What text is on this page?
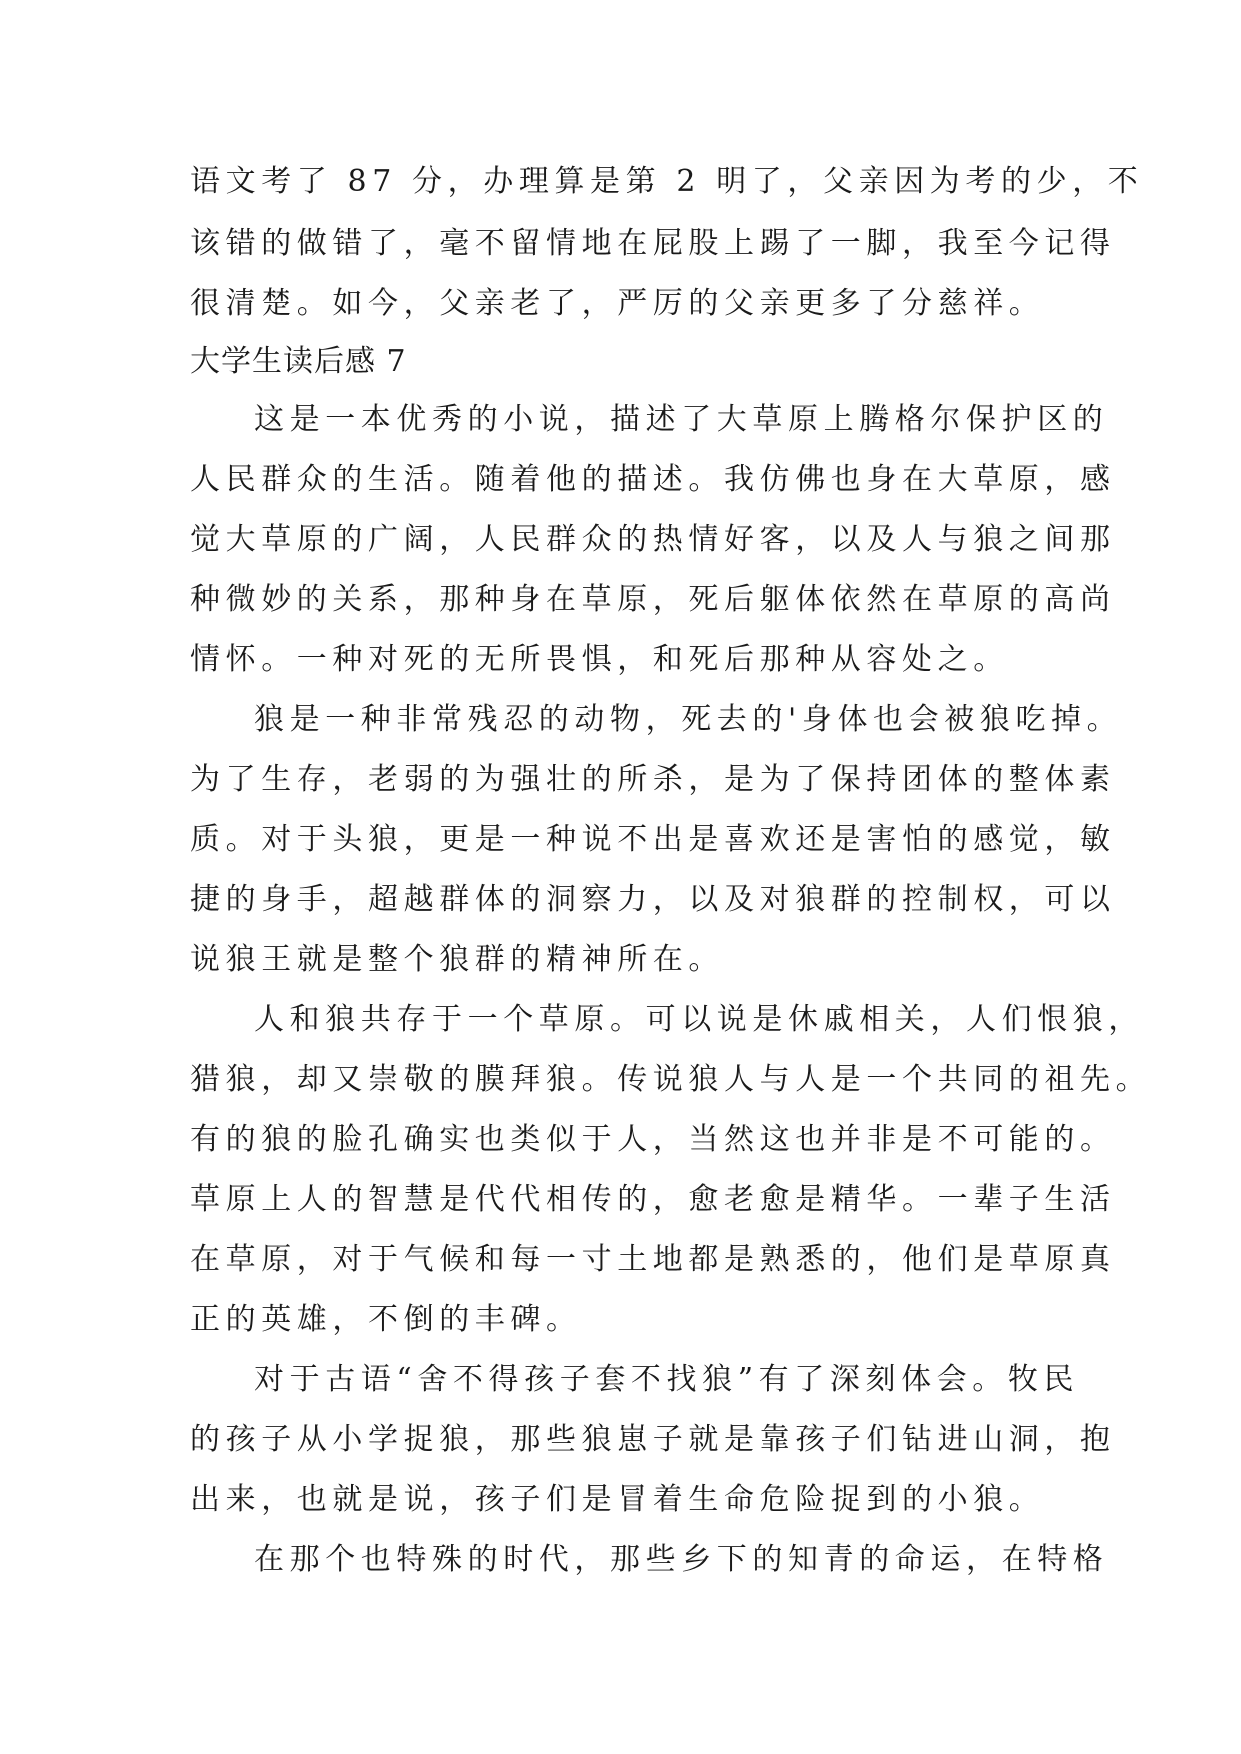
语文考了 87 分，办理算是第 2 明了，父亲因为考的少，不

该错的做错了，毫不留情地在屁股上踢了一脚，我至今记得

很清楚。如今，父亲老了，严厉的父亲更多了分慈祥。

大学生读后感 7

这是一本优秀的小说，描述了大草原上腾格尔保护区的

人民群众的生活。随着他的描述。我仿佛也身在大草原，感

觉大草原的广阔，人民群众的热情好客，以及人与狼之间那

种微妙的关系，那种身在草原，死后躯体依然在草原的高尚

情怀。一种对死的无所畏惧，和死后那种从容处之。

狼是一种非常残忍的动物，死去的'身体也会被狼吃掉。

为了生存，老弱的为强壮的所杀，是为了保持团体的整体素

质。对于头狼，更是一种说不出是喜欢还是害怕的感觉，敏

捷的身手，超越群体的洞察力，以及对狼群的控制权，可以

说狼王就是整个狼群的精神所在。

人和狼共存于一个草原。可以说是休戚相关，人们恨狼，

猎狼，却又崇敬的膜拜狼。传说狼人与人是一个共同的祖先。

有的狼的脸孔确实也类似于人，当然这也并非是不可能的。

草原上人的智慧是代代相传的，愈老愈是精华。一辈子生活

在草原，对于气候和每一寸土地都是熟悉的，他们是草原真

正的英雄，不倒的丰碑。

对于古语“舍不得孩子套不找狼”有了深刻体会。牧民

的孩子从小学捉狼，那些狼崽子就是靠孩子们钻进山洞，抱

出来，也就是说，孩子们是冒着生命危险捉到的小狼。

在那个也特殊的时代，那些乡下的知青的命运，在特格
